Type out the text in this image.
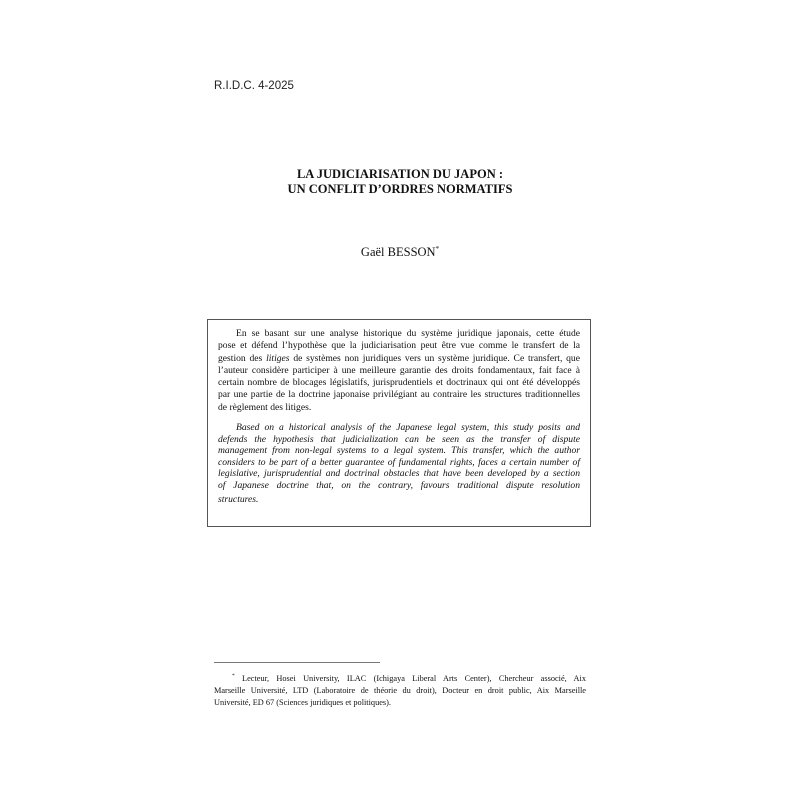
R.I.D.C. 4-2025
LA JUDICIARISATION DU JAPON :
UN CONFLIT D’ORDRES NORMATIFS
Gaël BESSON*
En se basant sur une analyse historique du système juridique japonais, cette étude
pose et défend l’hypothèse que la judiciarisation peut être vue comme le transfert de la
gestion des litiges de systèmes non juridiques vers un système juridique. Ce transfert, que
l’auteur considère participer à une meilleure garantie des droits fondamentaux, fait face à
certain nombre de blocages législatifs, jurisprudentiels et doctrinaux qui ont été développés
par une partie de la doctrine japonaise privilégiant au contraire les structures traditionnelles
de règlement des litiges.
Based on a historical analysis of the Japanese legal system, this study posits and
defends the hypothesis that judicialization can be seen as the transfer of dispute
management from non-legal systems to a legal system. This transfer, which the author
considers to be part of a better guarantee of fundamental rights, faces a certain number of
legislative, jurisprudential and doctrinal obstacles that have been developed by a section
of Japanese doctrine that, on the contrary, favours traditional dispute resolution
structures.
* Lecteur, Hosei University, ILAC (Ichigaya Liberal Arts Center), Chercheur associé, Aix
Marseille Université, LTD (Laboratoire de théorie du droit), Docteur en droit public, Aix Marseille
Université, ED 67 (Sciences juridiques et politiques).
